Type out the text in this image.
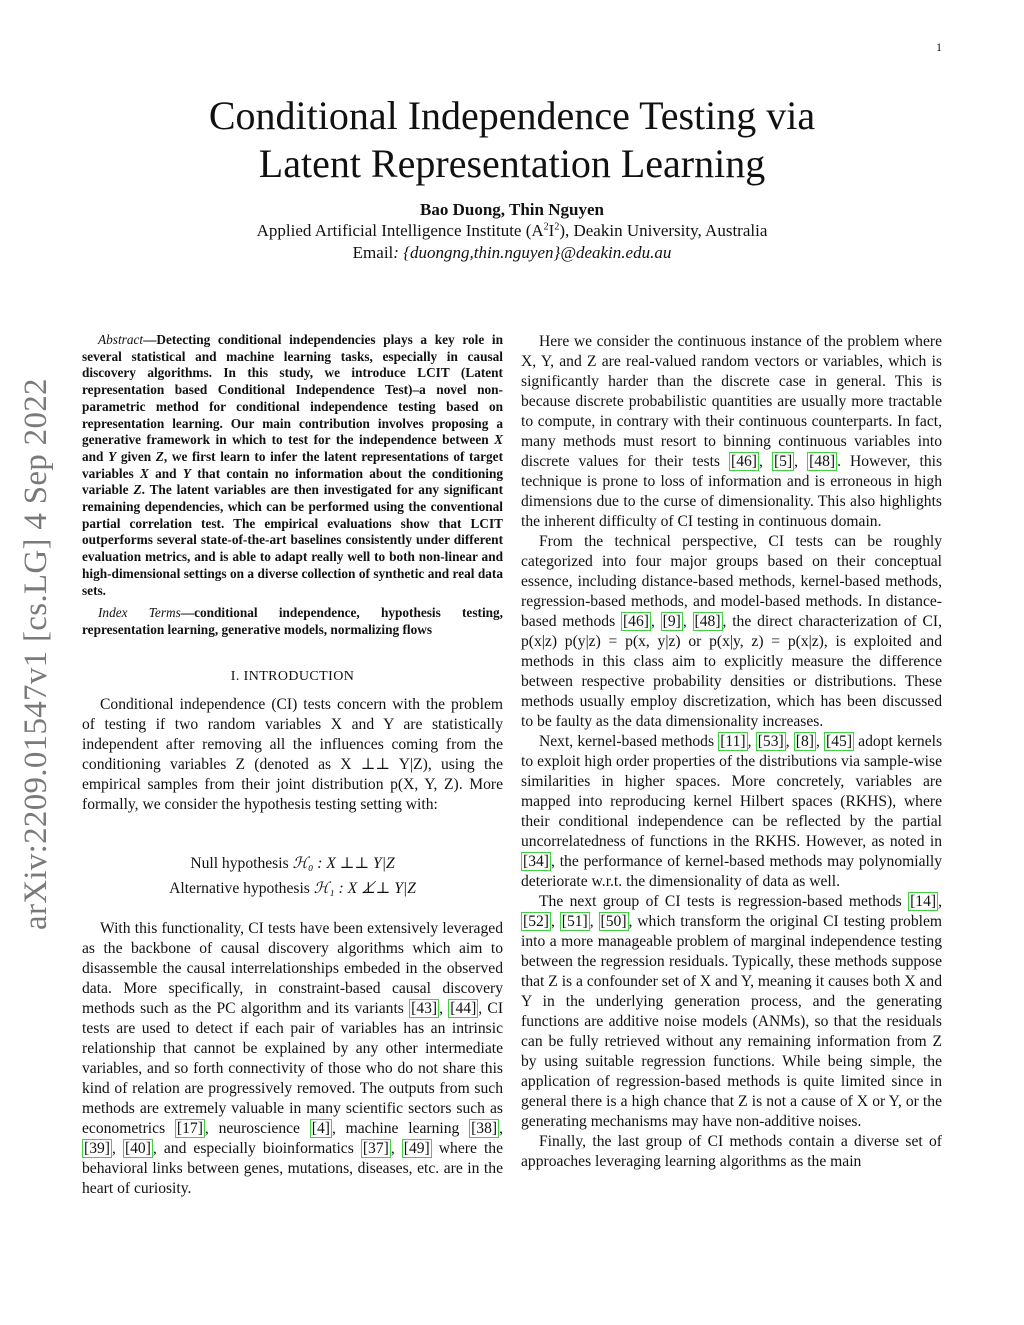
1
arXiv:2209.01547v1 [cs.LG] 4 Sep 2022
Conditional Independence Testing via
Latent Representation Learning
Bao Duong, Thin Nguyen
Applied Artificial Intelligence Institute $(A^2I^2)$, Deakin University, Australia
Email: {duongng,thin.nguyen}@deakin.edu.au

Abstract—Detecting conditional independencies plays a key role in several statistical and machine learning tasks, especially in causal discovery algorithms. In this study, we introduce LCIT (Latent representation based Conditional Independence Test)–a novel non-parametric method for conditional independence testing based on representation learning. Our main contribution involves proposing a generative framework in which to test for the independence between X and Y given Z, we first learn to infer the latent representations of target variables X and Y that contain no information about the conditioning variable Z. The latent variables are then investigated for any significant remaining dependencies, which can be performed using the conventional partial correlation test. The empirical evaluations show that LCIT outperforms several state-of-the-art baselines consistently under different evaluation metrics, and is able to adapt really well to both non-linear and high-dimensional settings on a diverse collection of synthetic and real data sets.

Index Terms—conditional independence, hypothesis testing, representation learning, generative models, normalizing flows

I. INTRODUCTION

Conditional independence (CI) tests concern with the problem of testing if two random variables X and Y are statistically independent after removing all the influences coming from the conditioning variables Z (denoted as X ⊥⊥ Y|Z), using the empirical samples from their joint distribution p(X, Y, Z). More formally, we consider the hypothesis testing setting with:

Null hypothesis ℋ₀ : X ⊥⊥ Y|Z
Alternative hypothesis ℋ₁ : X ⊥̸⊥ Y|Z

With this functionality, CI tests have been extensively leveraged as the backbone of causal discovery algorithms which aim to disassemble the causal interrelationships embeded in the observed data. More specifically, in constraint-based causal discovery methods such as the PC algorithm and its variants [43] , [44] , CI tests are used to detect if each pair of variables has an intrinsic relationship that cannot be explained by any other intermediate variables, and so forth connectivity of those who do not share this kind of relation are progressively removed. The outputs from such methods are extremely valuable in many scientific sectors such as econometrics [17] , neuroscience [4] , machine learning [38] , [39] , [40] , and especially bioinformatics [37] , [49] where the behavioral links between genes, mutations, diseases, etc. are in the heart of curiosity.

Here we consider the continuous instance of the problem where X, Y, and Z are real-valued random vectors or variables, which is significantly harder than the discrete case in general. This is because discrete probabilistic quantities are usually more tractable to compute, in contrary with their continuous counterparts. In fact, many methods must resort to binning continuous variables into discrete values for their tests [46] , [5] , [48] . However, this technique is prone to loss of information and is erroneous in high dimensions due to the curse of dimensionality. This also highlights the inherent difficulty of CI testing in continuous domain.

From the technical perspective, CI tests can be roughly categorized into four major groups based on their conceptual essence, including distance-based methods, kernel-based methods, regression-based methods, and model-based methods. In distance-based methods [46] , [9] , [48] , the direct characterization of CI, p(x|z) p(y|z) = p(x, y|z) or p(x|y, z) = p(x|z), is exploited and methods in this class aim to explicitly measure the difference between respective probability densities or distributions. These methods usually employ discretization, which has been discussed to be faulty as the data dimensionality increases.

Next, kernel-based methods [11] , [53] , [8] , [45] adopt kernels to exploit high order properties of the distributions via sample-wise similarities in higher spaces. More concretely, variables are mapped into reproducing kernel Hilbert spaces (RKHS), where their conditional independence can be reflected by the partial uncorrelatedness of functions in the RKHS. However, as noted in [34] , the performance of kernel-based methods may polynomially deteriorate w.r.t. the dimensionality of data as well.

The next group of CI tests is regression-based methods [14] , [52] , [51] , [50] , which transform the original CI testing problem into a more manageable problem of marginal independence testing between the regression residuals. Typically, these methods suppose that Z is a confounder set of X and Y, meaning it causes both X and Y in the underlying generation process, and the generating functions are additive noise models (ANMs), so that the residuals can be fully retrieved without any remaining information from Z by using suitable regression functions. While being simple, the application of regression-based methods is quite limited since in general there is a high chance that Z is not a cause of X or Y, or the generating mechanisms may have non-additive noises.

Finally, the last group of CI methods contain a diverse set of approaches leveraging learning algorithms as the main
